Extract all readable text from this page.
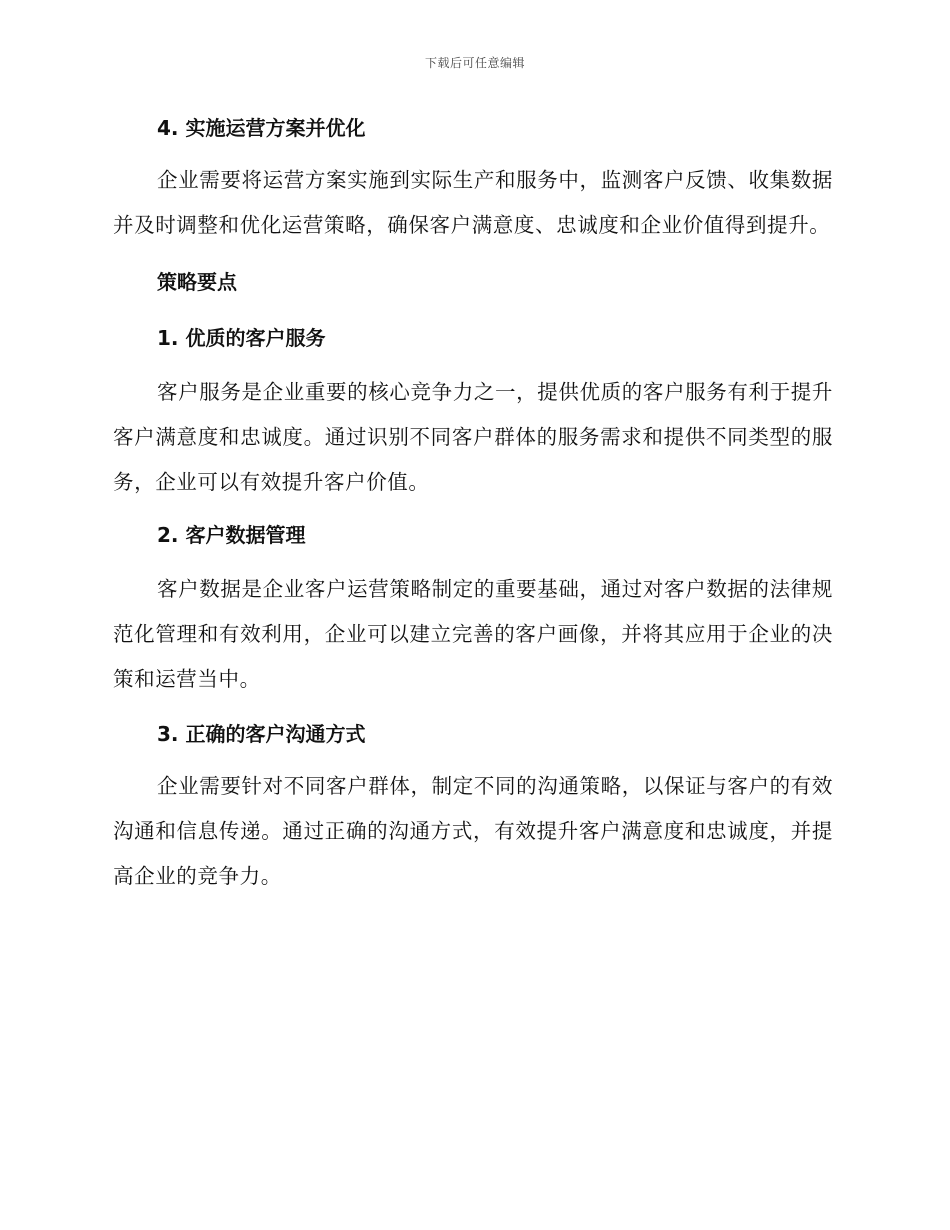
下载后可任意编辑

4. 实施运营方案并优化

企业需要将运营方案实施到实际生产和服务中，监测客户反馈、收集数据并及时调整和优化运营策略，确保客户满意度、忠诚度和企业价值得到提升。

策略要点

1. 优质的客户服务

客户服务是企业重要的核心竞争力之一，提供优质的客户服务有利于提升客户满意度和忠诚度。通过识别不同客户群体的服务需求和提供不同类型的服务，企业可以有效提升客户价值。

2. 客户数据管理

客户数据是企业客户运营策略制定的重要基础，通过对客户数据的法律规范化管理和有效利用，企业可以建立完善的客户画像，并将其应用于企业的决策和运营当中。

3. 正确的客户沟通方式

企业需要针对不同客户群体，制定不同的沟通策略，以保证与客户的有效沟通和信息传递。通过正确的沟通方式，有效提升客户满意度和忠诚度，并提高企业的竞争力。
